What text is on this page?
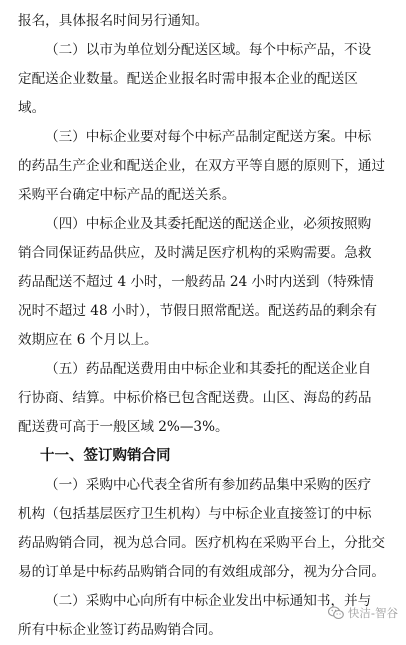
报名，具体报名时间另行通知。
（二）以市为单位划分配送区域。每个中标产品，不设
定配送企业数量。配送企业报名时需申报本企业的配送区
域。
（三）中标企业要对每个中标产品制定配送方案。中标
的药品生产企业和配送企业，在双方平等自愿的原则下，通过
采购平台确定中标产品的配送关系。
（四）中标企业及其委托配送的配送企业，必须按照购
销合同保证药品供应，及时满足医疗机构的采购需要。急救
药品配送不超过 4 小时，一般药品 24 小时内送到（特殊情
况时不超过 48 小时），节假日照常配送。配送药品的剩余有
效期应在 6 个月以上。
（五）药品配送费用由中标企业和其委托的配送企业自
行协商、结算。中标价格已包含配送费。山区、海岛的药品
配送费可高于一般区域 2%—3%。
十一、签订购销合同
（一）采购中心代表全省所有参加药品集中采购的医疗
机构（包括基层医疗卫生机构）与中标企业直接签订的中标
药品购销合同，视为总合同。医疗机构在采购平台上，分批交
易的订单是中标药品购销合同的有效组成部分，视为分合同。
（二）采购中心向所有中标企业发出中标通知书，并与
所有中标企业签订药品购销合同。
快洁-智谷
